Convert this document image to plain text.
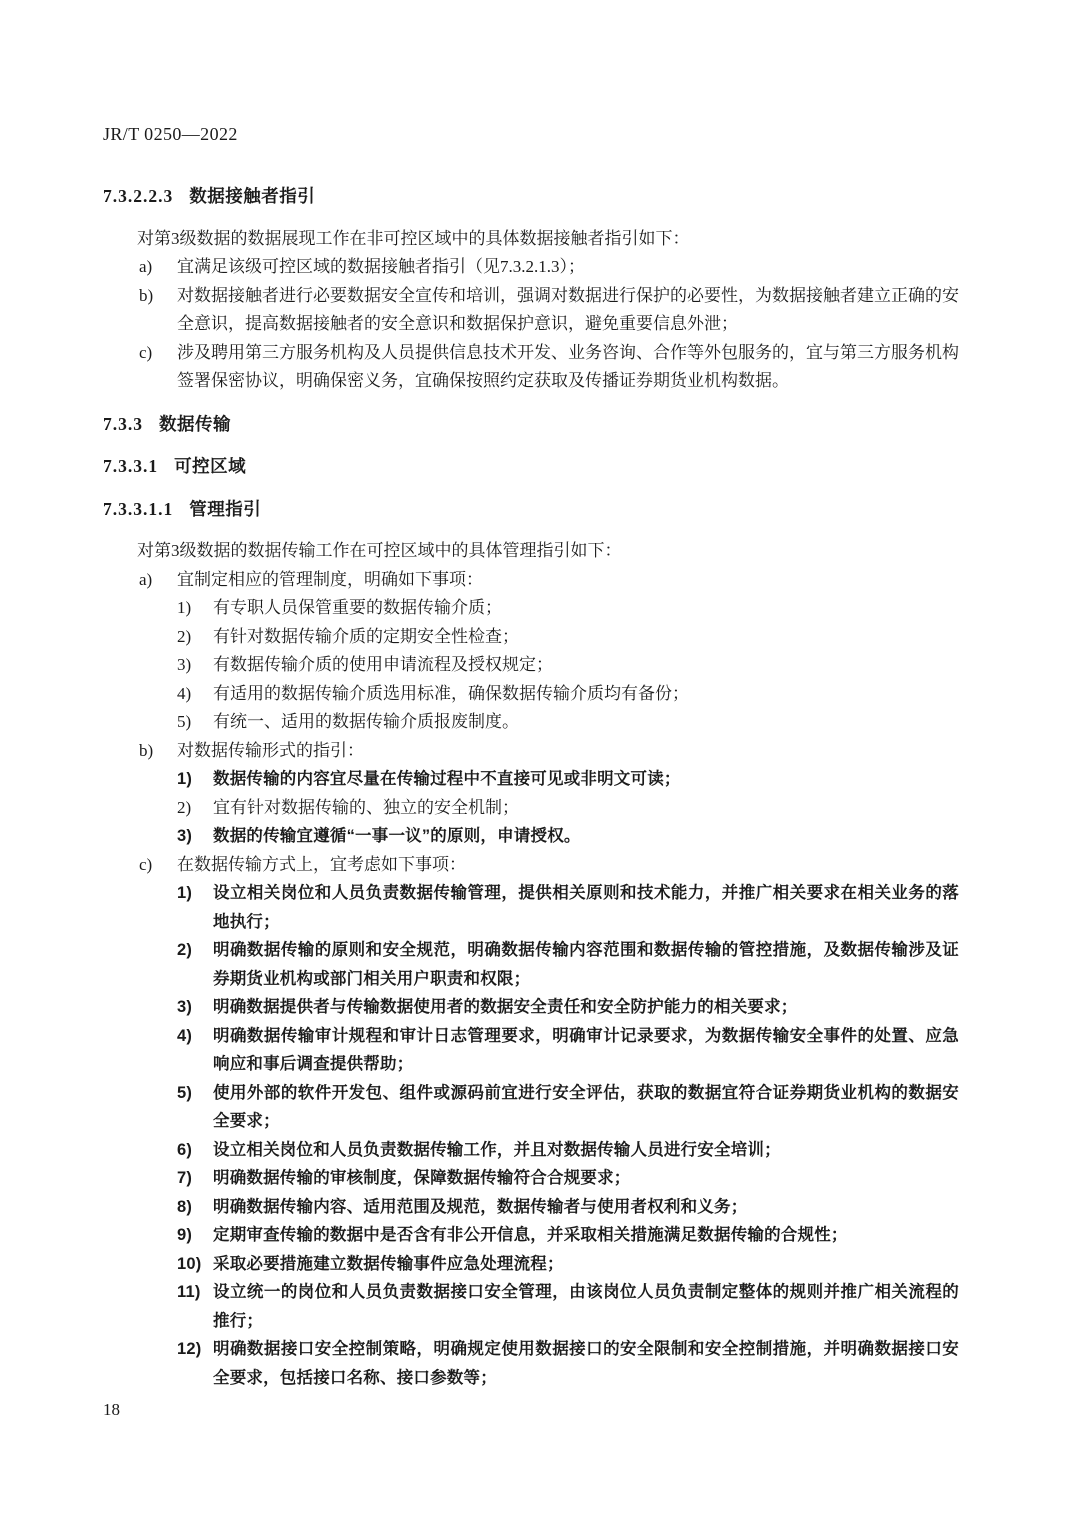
JR/T 0250—2022
7.3.2.2.3 数据接触者指引

对第3级数据的数据展现工作在非可控区域中的具体数据接触者指引如下：

a) 宜满足该级可控区域的数据接触者指引（见7.3.2.1.3）；
b) 对数据接触者进行必要数据安全宣传和培训，强调对数据进行保护的必要性，为数据接触者建立正确的安全意识，提高数据接触者的安全意识和数据保护意识，避免重要信息外泄；
c) 涉及聘用第三方服务机构及人员提供信息技术开发、业务咨询、合作等外包服务的，宜与第三方服务机构签署保密协议，明确保密义务，宜确保按照约定获取及传播证券期货业机构数据。
7.3.3 数据传输
7.3.3.1 可控区域
7.3.3.1.1 管理指引

对第3级数据的数据传输工作在可控区域中的具体管理指引如下：

a) 宜制定相应的管理制度，明确如下事项：
1) 有专职人员保管重要的数据传输介质；
2) 有针对数据传输介质的定期安全性检查；
3) 有数据传输介质的使用申请流程及授权规定；
4) 有适用的数据传输介质选用标准，确保数据传输介质均有备份；
5) 有统一、适用的数据传输介质报废制度。
b) 对数据传输形式的指引：
1) 数据传输的内容宜尽量在传输过程中不直接可见或非明文可读；
2) 宜有针对数据传输的、独立的安全机制；
3) 数据的传输宜遵循“一事一议”的原则，申请授权。
c) 在数据传输方式上，宜考虑如下事项：
1) 设立相关岗位和人员负责数据传输管理，提供相关原则和技术能力，并推广相关要求在相关业务的落地执行；
2) 明确数据传输的原则和安全规范，明确数据传输内容范围和数据传输的管控措施，及数据传输涉及证券期货业机构或部门相关用户职责和权限；
3) 明确数据提供者与传输数据使用者的数据安全责任和安全防护能力的相关要求；
4) 明确数据传输审计规程和审计日志管理要求，明确审计记录要求，为数据传输安全事件的处置、应急响应和事后调查提供帮助；
5) 使用外部的软件开发包、组件或源码前宜进行安全评估，获取的数据宜符合证券期货业机构的数据安全要求；
6) 设立相关岗位和人员负责数据传输工作，并且对数据传输人员进行安全培训；
7) 明确数据传输的审核制度，保障数据传输符合合规要求；
8) 明确数据传输内容、适用范围及规范，数据传输者与使用者权利和义务；
9) 定期审查传输的数据中是否含有非公开信息，并采取相关措施满足数据传输的合规性；
10) 采取必要措施建立数据传输事件应急处理流程；
11) 设立统一的岗位和人员负责数据接口安全管理，由该岗位人员负责制定整体的规则并推广相关流程的推行；
12) 明确数据接口安全控制策略，明确规定使用数据接口的安全限制和安全控制措施，并明确数据接口安全要求，包括接口名称、接口参数等；
18
